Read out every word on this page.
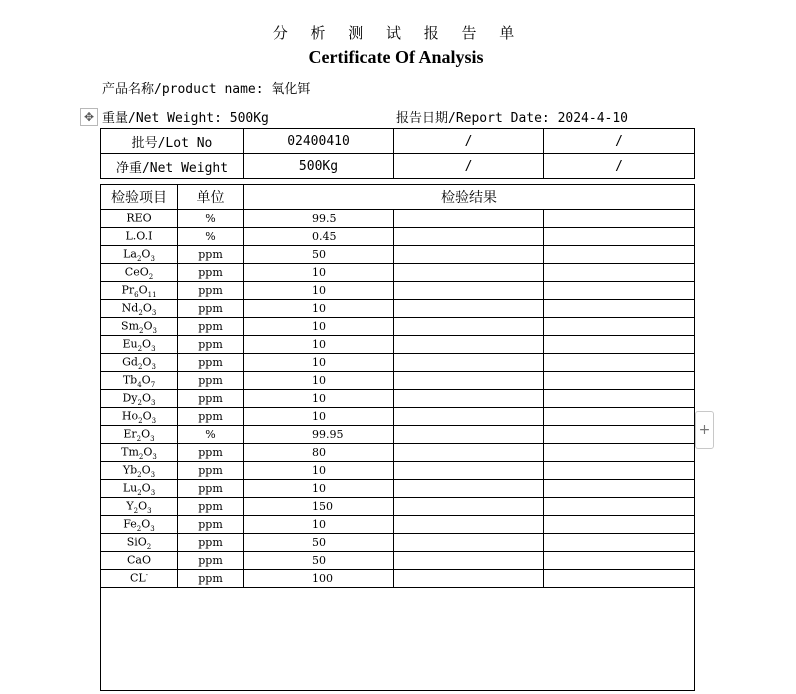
分 析 测 试 报 告 单
Certificate Of Analysis
产品名称/product name: 氧化铒
✥ 重量/Net Weight: 500Kg	报告日期/Report Date: 2024-4-10
批号/Lot No	02400410	/	/
净重/Net Weight	500Kg	/	/
检验项目	单位	检验结果		
REO	%	99.5		
L.O.I	%	0.45		
$La_2O_3$	ppm	50		
CeO$_2$	ppm	10		
$Pr_6O_{11}$	ppm	10		
$Nd_2O_3$	ppm	10		
$Sm_2O_3$	ppm	10		
$Eu_2O_3$	ppm	10		
$Gd_2O_3$	ppm	10		
$Tb_4O_7$	ppm	10		
$Dy_2O_3$	ppm	10		
$Ho_2O_3$	ppm	10		
$Er_2O_3$	%	99.95		
$Tm_2O_3$	ppm	80		
$Yb_2O_3$	ppm	10		
$Lu_2O_3$	ppm	10		
$Y_2O_3$	ppm	150		
$Fe_2O_3$	ppm	10		
SiO$_2$	ppm	50		
CaO	ppm	50		
CL-	ppm	100		

+
